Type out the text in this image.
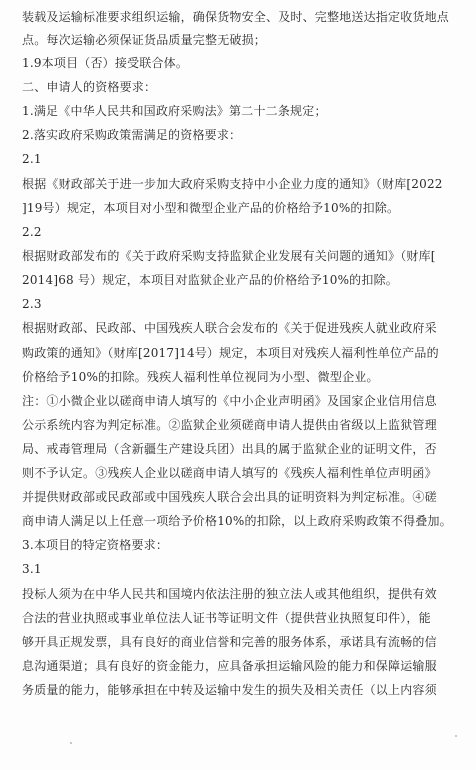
装载及运输标准要求组织运输，确保货物安全、及时、完整地送达指定收货地点
点。每次运输必须保证货品质量完整无破损；
1.9本项目（否）接受联合体。
二、申请人的资格要求：
1.满足《中华人民共和国政府采购法》第二十二条规定；
2.落实政府采购政策需满足的资格要求：
2.1
根据《财政部关于进一步加大政府采购支持中小企业力度的通知》（财库[2022
]19号）规定，本项目对小型和微型企业产品的价格给予10%的扣除。
2.2
根据财政部发布的《关于政府采购支持监狱企业发展有关问题的通知》（财库[
2014]68 号）规定，本项目对监狱企业产品的价格给予10%的扣除。
2.3
根据财政部、民政部、中国残疾人联合会发布的《关于促进残疾人就业政府采
购政策的通知》（财库[2017]14号）规定，本项目对残疾人福利性单位产品的
价格给予10%的扣除。残疾人福利性单位视同为小型、微型企业。
注：①小微企业以磋商申请人填写的《中小企业声明函》及国家企业信用信息
公示系统内容为判定标准。②监狱企业须磋商申请人提供由省级以上监狱管理
局、戒毒管理局（含新疆生产建设兵团）出具的属于监狱企业的证明文件，否
则不予认定。③残疾人企业以磋商申请人填写的《残疾人福利性单位声明函》
并提供财政部或民政部或中国残疾人联合会出具的证明资料为判定标准。④磋
商申请人满足以上任意一项给予价格10%的扣除，以上政府采购政策不得叠加。
3.本项目的特定资格要求：
3.1
投标人须为在中华人民共和国境内依法注册的独立法人或其他组织，提供有效
合法的营业执照或事业单位法人证书等证明文件（提供营业执照复印件），能
够开具正规发票，具有良好的商业信誉和完善的服务体系，承诺具有流畅的信
息沟通渠道；具有良好的资金能力，应具备承担运输风险的能力和保障运输服
务质量的能力，能够承担在中转及运输中发生的损失及相关责任（以上内容须
